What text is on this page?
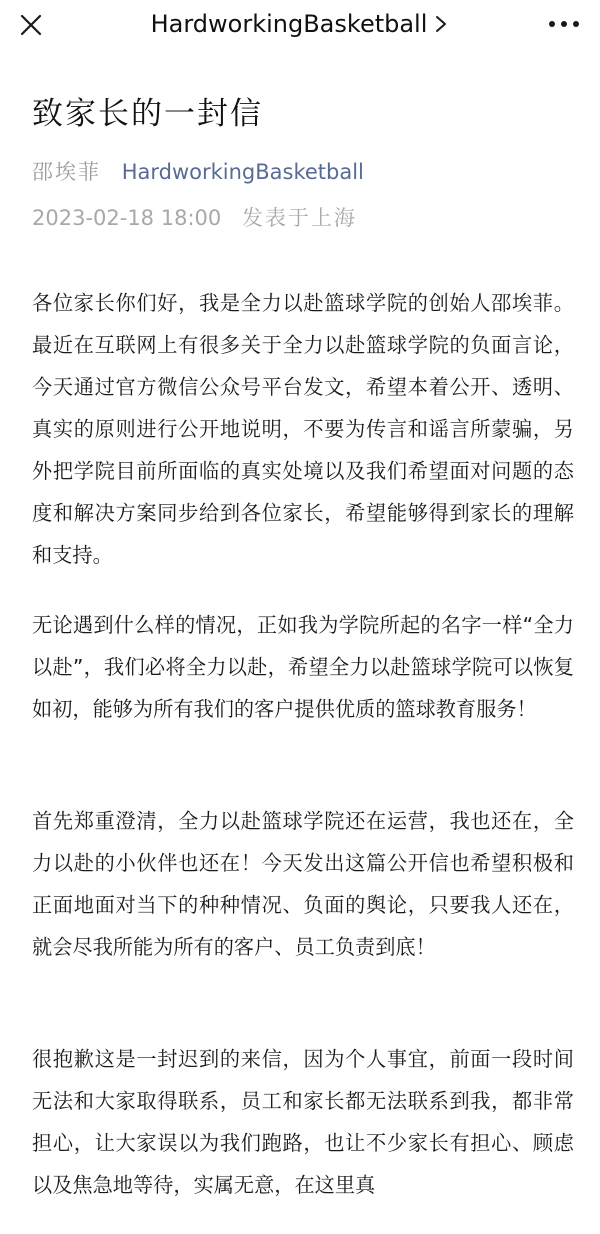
HardworkingBasketball
致家长的一封信
邵埃菲 HardworkingBasketball
2023-02-18 18:00 发表于上海

各位家长你们好，我是全力以赴篮球学院的创始人邵埃菲。最近在互联网上有很多关于全力以赴篮球学院的负面言论，今天通过官方微信公众号平台发文，希望本着公开、透明、真实的原则进行公开地说明，不要为传言和谣言所蒙骗，另外把学院目前所面临的真实处境以及我们希望面对问题的态度和解决方案同步给到各位家长，希望能够得到家长的理解和支持。

无论遇到什么样的情况，正如我为学院所起的名字一样“全力以赴”，我们必将全力以赴，希望全力以赴篮球学院可以恢复如初，能够为所有我们的客户提供优质的篮球教育服务！

首先郑重澄清，全力以赴篮球学院还在运营，我也还在，全力以赴的小伙伴也还在！今天发出这篇公开信也希望积极和正面地面对当下的种种情况、负面的舆论，只要我人还在，就会尽我所能为所有的客户、员工负责到底！

很抱歉这是一封迟到的来信，因为个人事宜，前面一段时间无法和大家取得联系，员工和家长都无法联系到我，都非常担心，让大家误以为我们跑路，也让不少家长有担心、顾虑以及焦急地等待，实属无意，在这里真
